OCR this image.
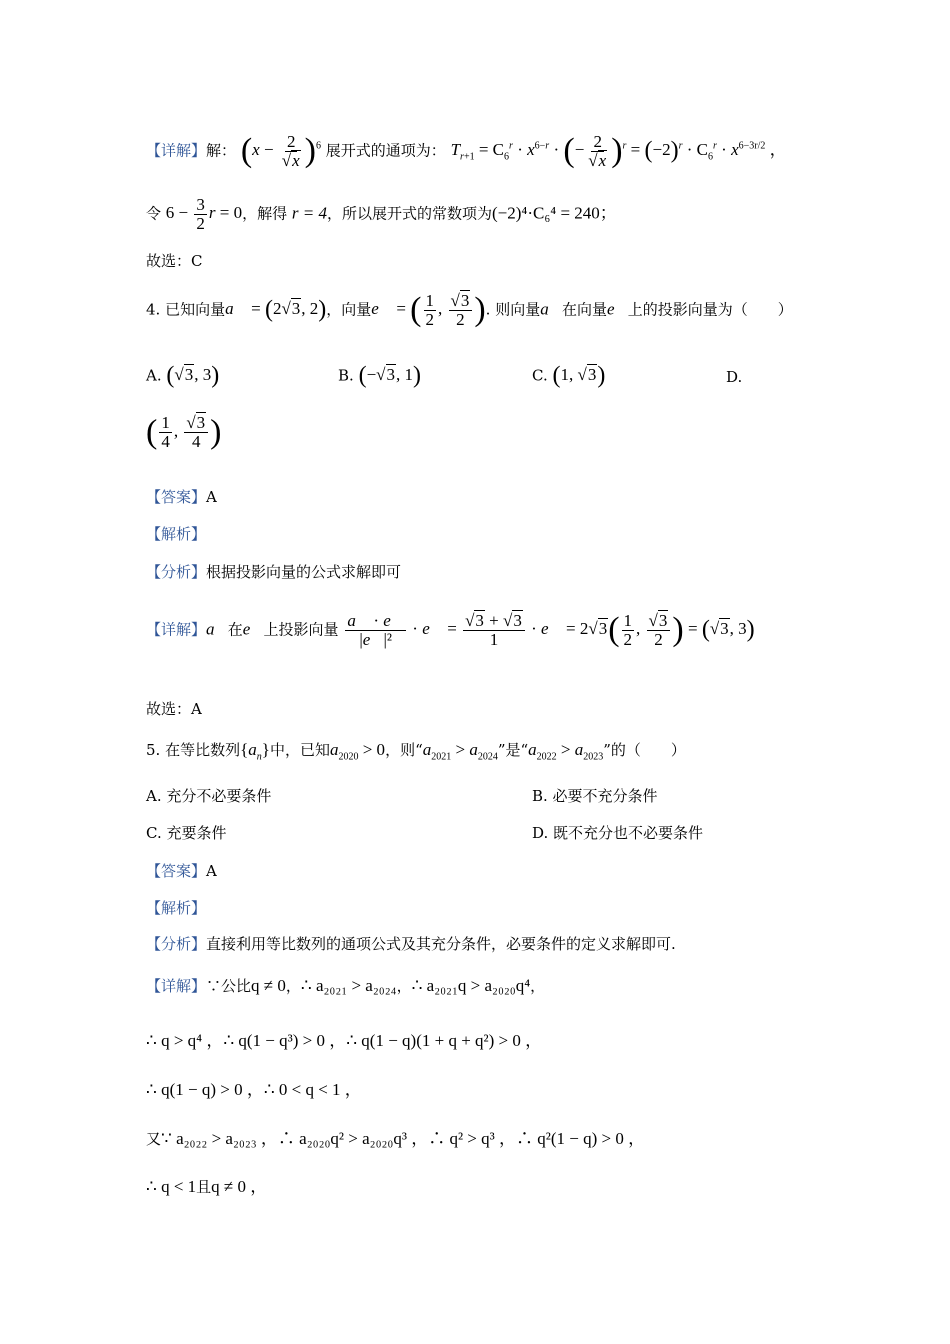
【详解】解： $(x - \frac{2}{√x} )^6$ 展开式的通项为： $T_{r+1} = C_6^r \cdot x^{6-r}$ · (− $\frac{2}{√x} )^r = (-2)^r \cdot C_6^r \cdot x^{6-3r/2}$ ，
令 $6 - \frac{3}{2}$ r = 0，解得 r = 4，所以展开式的常数项为(−2)⁴·C₆⁴ = 240；
故选：C
4. 已知向量a⃗ = (2√3, 2)，向量e⃗ = ( $\frac{1}{2}$ , $\frac{√3}{2}$ ). 则向量a⃗在向量e⃗上的投影向量为（　　）
A. (√3, 3)	B. (−√3, 1)	C. (1, √3)	D.
( $\frac{1}{4}$ , $\frac{√3}{4}$ )
【答案】A
【解析】
【分析】根据投影向量的公式求解即可
【详解】a⃗在e⃗上投影向量 $\frac{a⃗ \cdot e⃗}{\text{|e⃗|²}}$ · e⃗ = $\frac{√3 + √3}{1}$ · e⃗ = $2√3( \frac{1}{2}$ , $\frac{√3}{2}$ ) = (√3, 3)
故选：A
5. 在等比数列$\{a_n\}$中，已知$a_{2020} > 0$，则“$a_{2021} > a_{2024}$”是“$a_{2022} > a_{2023}$”的（　　）
A. 充分不必要条件	B. 必要不充分条件
C. 充要条件	D. 既不充分也不必要条件
【答案】A
【解析】
【分析】直接利用等比数列的通项公式及其充分条件，必要条件的定义求解即可.
【详解】∵公比q ≠ 0，∴ a₂₀₂₁ > a₂₀₂₄，∴ a₂₀₂₁q > a₂₀₂₀q⁴，
∴ q > q⁴ ，∴ q(1 − q³) > 0 ，∴ q(1 − q)(1 + q + q²) > 0 ，
∴ q(1 − q) > 0 ，∴ 0 < q < 1 ，
又∵ a₂₀₂₂ > a₂₀₂₃ ，∴ a₂₀₂₀q² > a₂₀₂₀q³ ，∴ q² > q³ ，∴ q²(1 − q) > 0 ，
∴ q < 1且q ≠ 0 ，
